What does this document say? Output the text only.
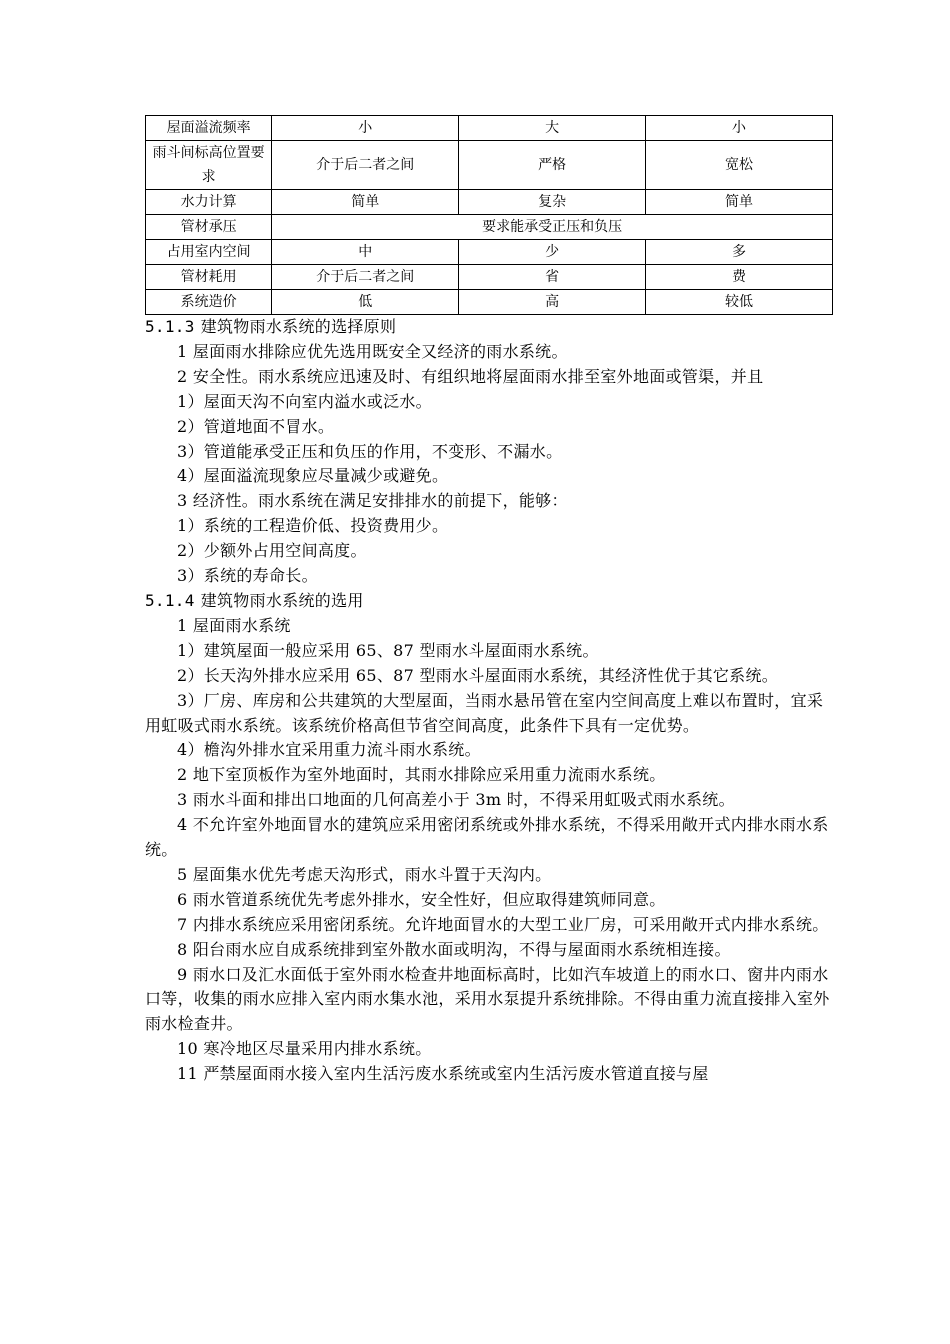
屋面溢流频率	小	大	小
雨斗间标高位置要求	介于后二者之间	严格	宽松
水力计算	简单	复杂	简单
管材承压	要求能承受正压和负压		
占用室内空间	中	少	多
管材耗用	介于后二者之间	省	费
系统造价	低	高	较低

5.1.3 建筑物雨水系统的选择原则

1 屋面雨水排除应优先选用既安全又经济的雨水系统。

2 安全性。雨水系统应迅速及时、有组织地将屋面雨水排至室外地面或管渠，并且

1）屋面天沟不向室内溢水或泛水。

2）管道地面不冒水。

3）管道能承受正压和负压的作用，不变形、不漏水。

4）屋面溢流现象应尽量减少或避免。

3 经济性。雨水系统在满足安排排水的前提下，能够：

1）系统的工程造价低、投资费用少。

2）少额外占用空间高度。

3）系统的寿命长。

5.1.4 建筑物雨水系统的选用

1 屋面雨水系统

1）建筑屋面一般应采用 65、87 型雨水斗屋面雨水系统。

2）长天沟外排水应采用 65、87 型雨水斗屋面雨水系统，其经济性优于其它系统。

3）厂房、库房和公共建筑的大型屋面，当雨水悬吊管在室内空间高度上难以布置时，宜采用虹吸式雨水系统。该系统价格高但节省空间高度，此条件下具有一定优势。

4）檐沟外排水宜采用重力流斗雨水系统。

2 地下室顶板作为室外地面时，其雨水排除应采用重力流雨水系统。

3 雨水斗面和排出口地面的几何高差小于 3m 时，不得采用虹吸式雨水系统。

4 不允许室外地面冒水的建筑应采用密闭系统或外排水系统，不得采用敞开式内排水雨水系统。

5 屋面集水优先考虑天沟形式，雨水斗置于天沟内。

6 雨水管道系统优先考虑外排水，安全性好，但应取得建筑师同意。

7 内排水系统应采用密闭系统。允许地面冒水的大型工业厂房，可采用敞开式内排水系统。

8 阳台雨水应自成系统排到室外散水面或明沟，不得与屋面雨水系统相连接。

9 雨水口及汇水面低于室外雨水检查井地面标高时，比如汽车坡道上的雨水口、窗井内雨水口等，收集的雨水应排入室内雨水集水池，采用水泵提升系统排除。不得由重力流直接排入室外雨水检查井。

10 寒冷地区尽量采用内排水系统。

11 严禁屋面雨水接入室内生活污废水系统或室内生活污废水管道直接与屋
